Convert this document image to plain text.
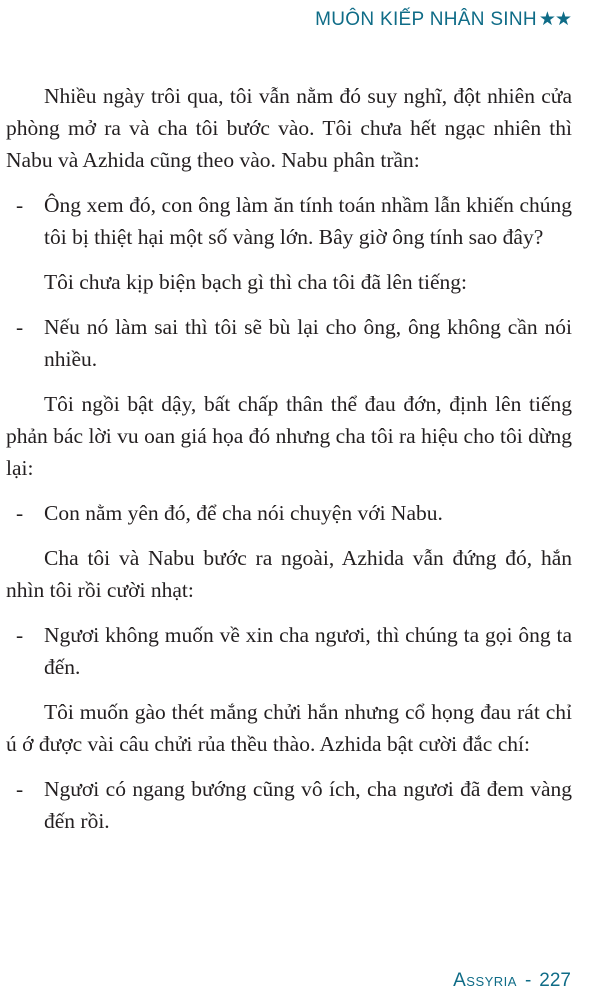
MUÔN KIẾP NHÂN SINH ★★

Nhiều ngày trôi qua, tôi vẫn nằm đó suy nghĩ, đột nhiên cửa phòng mở ra và cha tôi bước vào. Tôi chưa hết ngạc nhiên thì Nabu và Azhida cũng theo vào. Nabu phân trần:

- Ông xem đó, con ông làm ăn tính toán nhầm lẫn khiến chúng tôi bị thiệt hại một số vàng lớn. Bây giờ ông tính sao đây?

Tôi chưa kịp biện bạch gì thì cha tôi đã lên tiếng:

- Nếu nó làm sai thì tôi sẽ bù lại cho ông, ông không cần nói nhiều.

Tôi ngồi bật dậy, bất chấp thân thể đau đớn, định lên tiếng phản bác lời vu oan giá họa đó nhưng cha tôi ra hiệu cho tôi dừng lại:

- Con nằm yên đó, để cha nói chuyện với Nabu.

Cha tôi và Nabu bước ra ngoài, Azhida vẫn đứng đó, hắn nhìn tôi rồi cười nhạt:

- Ngươi không muốn về xin cha ngươi, thì chúng ta gọi ông ta đến.

Tôi muốn gào thét mắng chửi hắn nhưng cổ họng đau rát chỉ ú ớ được vài câu chửi rủa thều thào. Azhida bật cười đắc chí:

- Ngươi có ngang bướng cũng vô ích, cha ngươi đã đem vàng đến rồi.
Assyria - 227
